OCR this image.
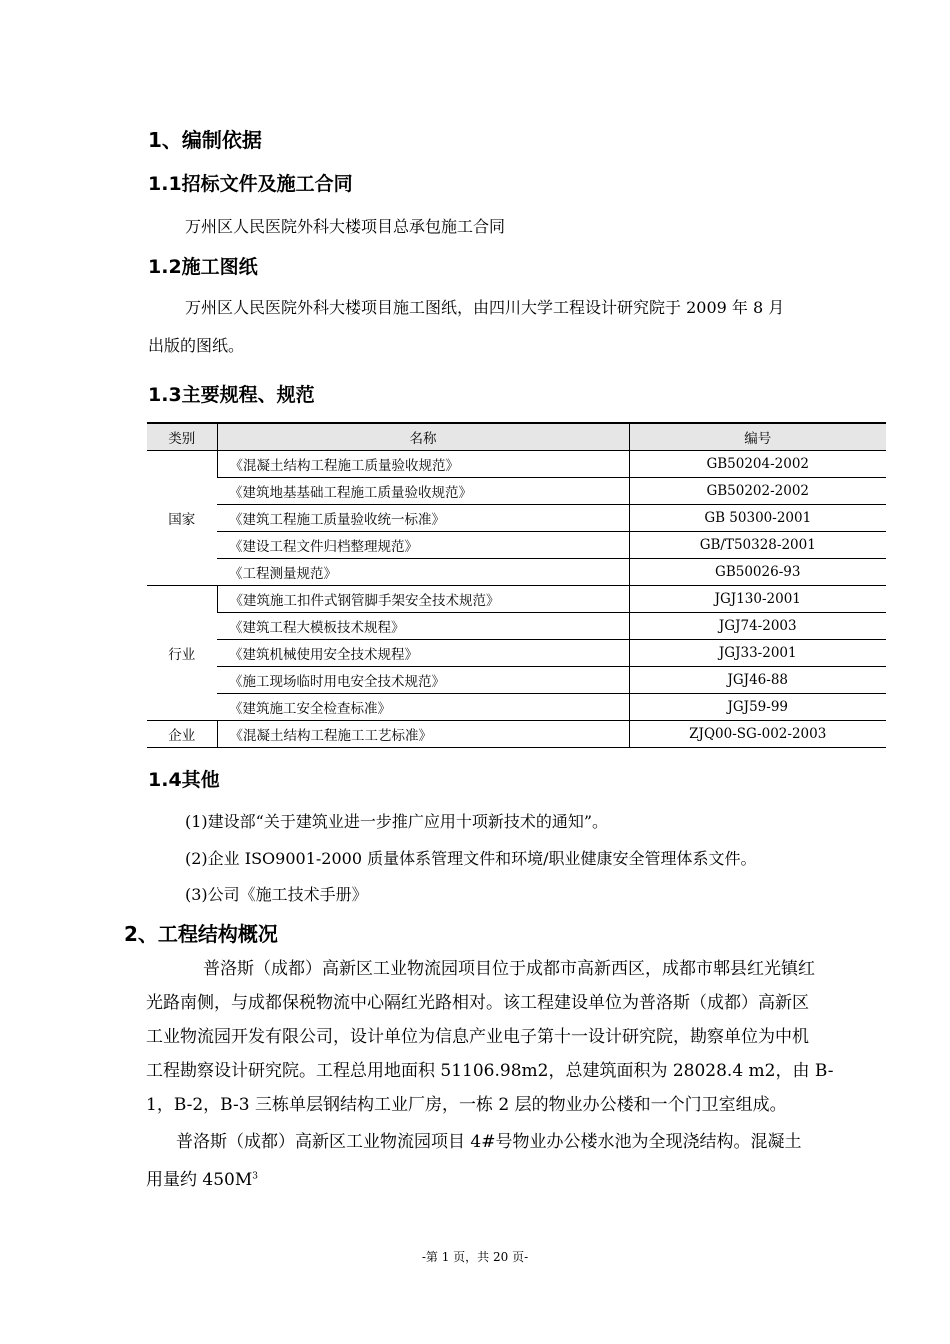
1、编制依据
1.1招标文件及施工合同
万州区人民医院外科大楼项目总承包施工合同
1.2施工图纸
万州区人民医院外科大楼项目施工图纸，由四川大学工程设计研究院于 2009 年 8 月
出版的图纸。
1.3主要规程、规范
类别	名称	编号
国家	《混凝土结构工程施工质量验收规范》	GB50204-2002
	《建筑地基基础工程施工质量验收规范》	GB50202-2002
	《建筑工程施工质量验收统一标准》	GB 50300-2001
	《建设工程文件归档整理规范》	GB/T50328-2001
	《工程测量规范》	GB50026-93
行业	《建筑施工扣件式钢管脚手架安全技术规范》	JGJ130-2001
	《建筑工程大模板技术规程》	JGJ74-2003
	《建筑机械使用安全技术规程》	JGJ33-2001
	《施工现场临时用电安全技术规范》	JGJ46-88
	《建筑施工安全检查标准》	JGJ59-99
企业	《混凝土结构工程施工工艺标准》	ZJQ00-SG-002-2003
1.4其他
(1)建设部“关于建筑业进一步推广应用十项新技术的通知”。
(2)企业 ISO9001-2000 质量体系管理文件和环境/职业健康安全管理体系文件。
(3)公司《施工技术手册》
2、工程结构概况
普洛斯（成都）高新区工业物流园项目位于成都市高新西区，成都市郫县红光镇红
光路南侧，与成都保税物流中心隔红光路相对。该工程建设单位为普洛斯（成都）高新区
工业物流园开发有限公司，设计单位为信息产业电子第十一设计研究院，勘察单位为中机
工程勘察设计研究院。工程总用地面积 51106.98m2，总建筑面积为 28028.4 m2，由 B-
1，B-2，B-3 三栋单层钢结构工业厂房，一栋 2 层的物业办公楼和一个门卫室组成。
普洛斯（成都）高新区工业物流园项目 4#号物业办公楼水池为全现浇结构。混凝土
用量约 $450M^3$
-第 1 页，共 20 页-
